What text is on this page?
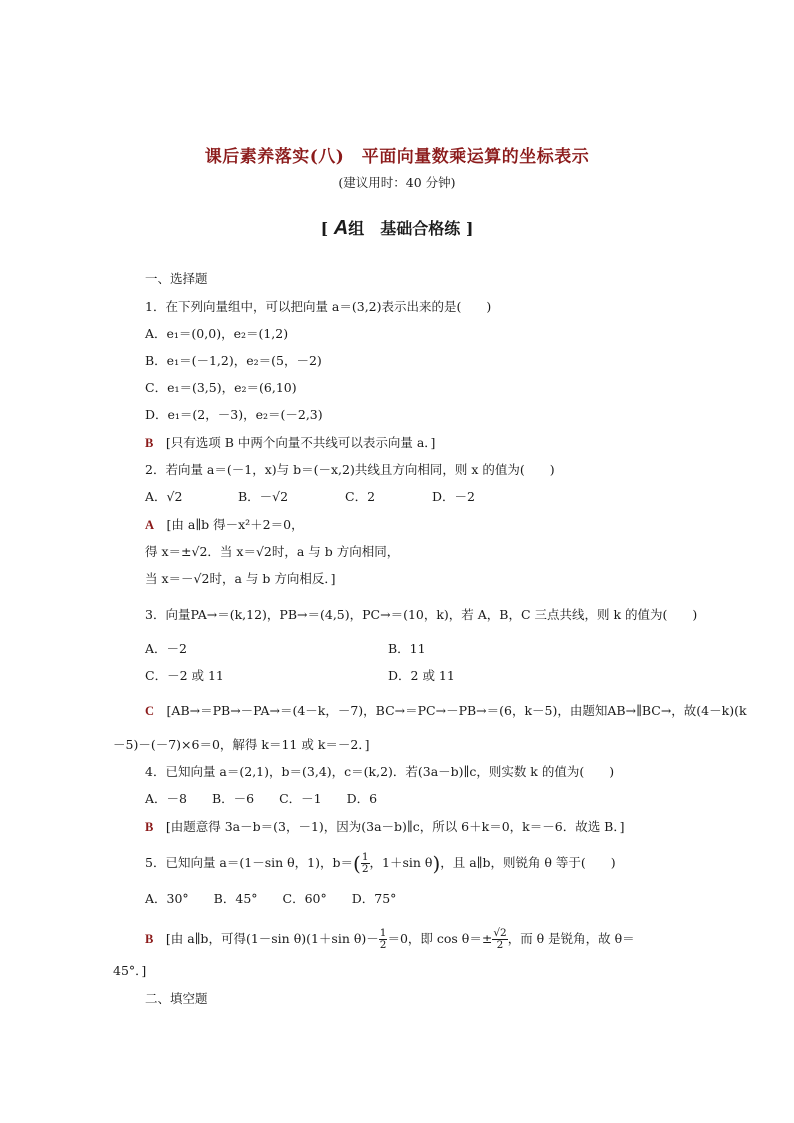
课后素养落实(八)　平面向量数乘运算的坐标表示
(建议用时：40 分钟)
[ A组　基础合格练 ]
一、选择题
1．在下列向量组中，可以把向量 a＝(3,2)表示出来的是(　　)
A．e₁＝(0,0)，e₂＝(1,2)
B．e₁＝(－1,2)，e₂＝(5，－2)
C．e₁＝(3,5)，e₂＝(6,10)
D．e₁＝(2，－3)，e₂＝(－2,3)
B　 [只有选项 B 中两个向量不共线可以表示向量 a．]
2．若向量 a＝(－1，x)与 b＝(－x,2)共线且方向相同，则 x 的值为(　　)
A．√2	B．－√2	C．2	D．－2
A　 [由 a∥b 得－x²＋2＝0，
得 x＝±√2．当 x＝√2时，a 与 b 方向相同，
当 x＝－√2时，a 与 b 方向相反．]
3．向量PA→＝(k,12)，PB→＝(4,5)，PC→＝(10，k)，若 A，B，C 三点共线，则 k 的值为(　　)
A．－2	B．11
C．－2 或 11	D．2 或 11
C　 [AB→＝PB→－PA→＝(4－k，－7)，BC→＝PC→－PB→＝(6，k－5)，由题知AB→∥BC→，故(4－k)(k
－5)－(－7)×6＝0，解得 k＝11 或 k＝－2．]
4．已知向量 a＝(2,1)，b＝(3,4)，c＝(k,2)．若(3a－b)∥c，则实数 k 的值为(　　)
A．－8　　B．－6　　C．－1　　D．6
B　 [由题意得 3a－b＝(3，－1)，因为(3a－b)∥c，所以 6＋k＝0，k＝－6．故选 B．]
5．已知向量 a＝(1－sin θ，1)，$b=( \frac{1}{2}$ ，1＋sin θ)，且 a∥b，则锐角 θ 等于(　　)
A．30°　　B．45°　　C．60°　　D．75°
B　 [由 a∥b，可得(1－sin θ)(1＋sin $\theta)- \frac{1}{2} =0$，即 $\cos \theta=\pm \frac{√2}{2}$ ，而 θ 是锐角，故 θ＝
45°．]
二、填空题
